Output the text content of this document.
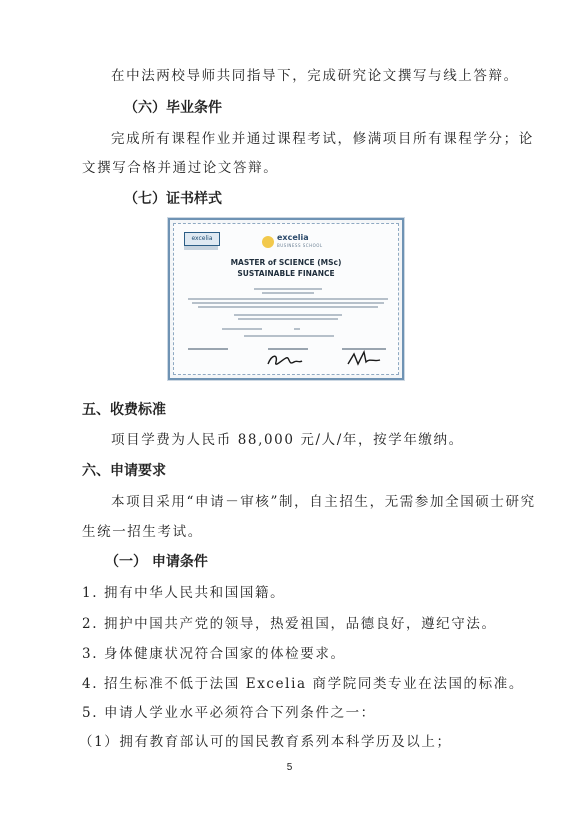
在中法两校导师共同指导下，完成研究论文撰写与线上答辩。
（六）毕业条件
完成所有课程作业并通过课程考试，修满项目所有课程学分；论
文撰写合格并通过论文答辩。
（七）证书样式
excelia	excelia
BUSINESS SCHOOL
MASTER of SCIENCE (MSc)
SUSTAINABLE FINANCE
五、收费标准
项目学费为人民币 88,000 元/人/年，按学年缴纳。
六、申请要求
本项目采用“申请－审核”制，自主招生，无需参加全国硕士研究
生统一招生考试。
（一） 申请条件
1. 拥有中华人民共和国国籍。
2. 拥护中国共产党的领导，热爱祖国，品德良好，遵纪守法。
3. 身体健康状况符合国家的体检要求。
4. 招生标准不低于法国 Excelia 商学院同类专业在法国的标准。
5. 申请人学业水平必须符合下列条件之一：
（1）拥有教育部认可的国民教育系列本科学历及以上；
5
